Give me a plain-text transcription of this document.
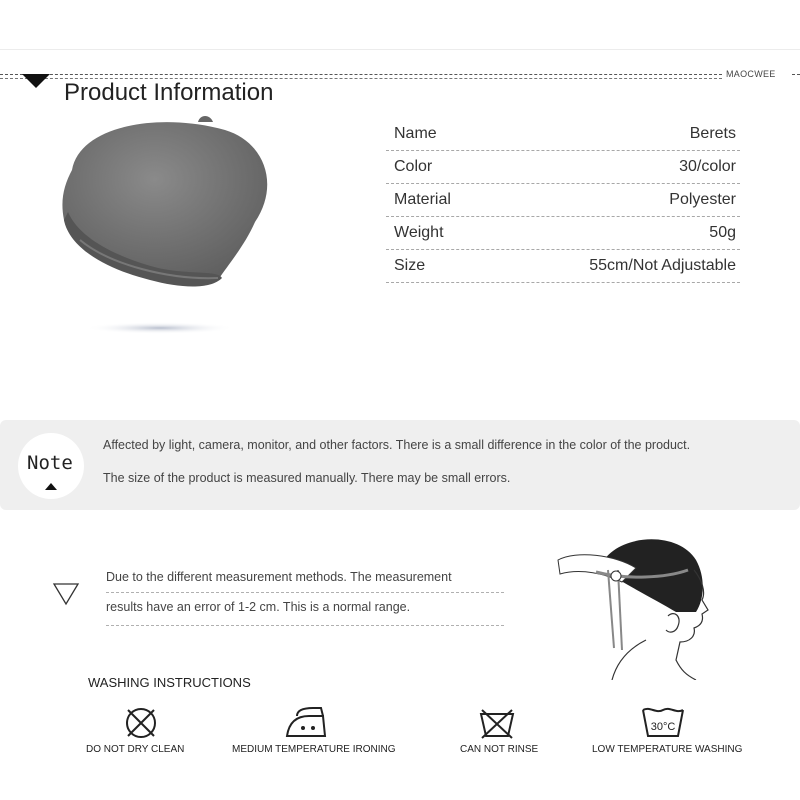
MAOCWEE
Product Information
Name	Berets
Color	30/color
Material	Polyester
Weight	50g
Size	55cm/Not Adjustable
Note
Affected by light, camera, monitor, and other factors. There is a small difference in the color of the product.
The size of the product is measured manually. There may be small errors.
Due to the different measurement methods. The measurement
results have an error of 1-2 cm. This is a normal range.
WASHING INSTRUCTIONS
DO NOT DRY CLEAN	MEDIUM TEMPERATURE IRONING	CAN NOT RINSE
30°C
LOW TEMPERATURE WASHING
